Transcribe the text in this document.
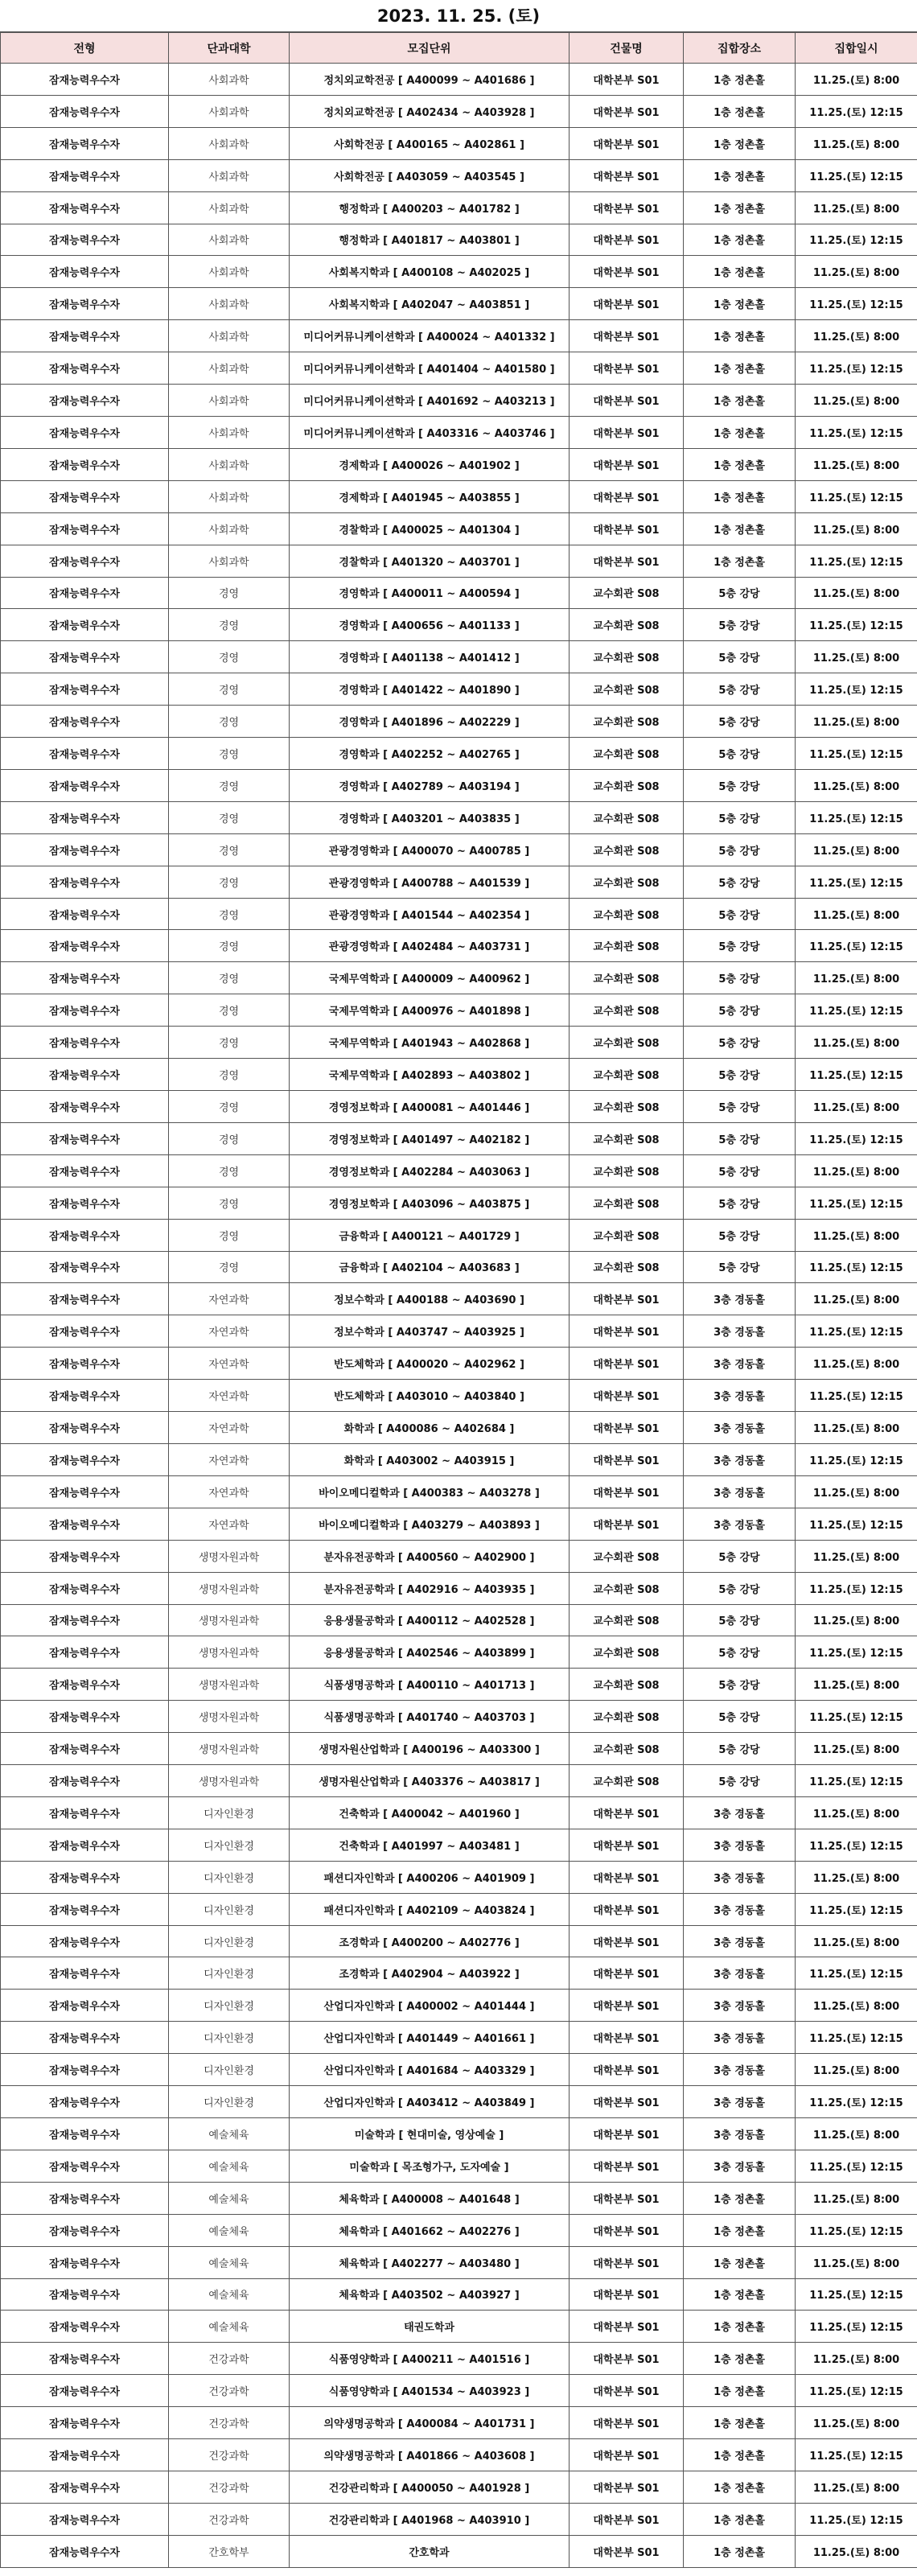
2023. 11. 25. (토)
전형	단과대학	모집단위	건물명	집합장소	집합일시
잠재능력우수자	사회과학	정치외교학전공 [ A400099 ~ A401686 ]	대학본부 S01	1층 정촌홀	11.25.(토) 8:00
잠재능력우수자	사회과학	정치외교학전공 [ A402434 ~ A403928 ]	대학본부 S01	1층 정촌홀	11.25.(토) 12:15
잠재능력우수자	사회과학	사회학전공 [ A400165 ~ A402861 ]	대학본부 S01	1층 정촌홀	11.25.(토) 8:00
잠재능력우수자	사회과학	사회학전공 [ A403059 ~ A403545 ]	대학본부 S01	1층 정촌홀	11.25.(토) 12:15
잠재능력우수자	사회과학	행정학과 [ A400203 ~ A401782 ]	대학본부 S01	1층 정촌홀	11.25.(토) 8:00
잠재능력우수자	사회과학	행정학과 [ A401817 ~ A403801 ]	대학본부 S01	1층 정촌홀	11.25.(토) 12:15
잠재능력우수자	사회과학	사회복지학과 [ A400108 ~ A402025 ]	대학본부 S01	1층 정촌홀	11.25.(토) 8:00
잠재능력우수자	사회과학	사회복지학과 [ A402047 ~ A403851 ]	대학본부 S01	1층 정촌홀	11.25.(토) 12:15
잠재능력우수자	사회과학	미디어커뮤니케이션학과 [ A400024 ~ A401332 ]	대학본부 S01	1층 정촌홀	11.25.(토) 8:00
잠재능력우수자	사회과학	미디어커뮤니케이션학과 [ A401404 ~ A401580 ]	대학본부 S01	1층 정촌홀	11.25.(토) 12:15
잠재능력우수자	사회과학	미디어커뮤니케이션학과 [ A401692 ~ A403213 ]	대학본부 S01	1층 정촌홀	11.25.(토) 8:00
잠재능력우수자	사회과학	미디어커뮤니케이션학과 [ A403316 ~ A403746 ]	대학본부 S01	1층 정촌홀	11.25.(토) 12:15
잠재능력우수자	사회과학	경제학과 [ A400026 ~ A401902 ]	대학본부 S01	1층 정촌홀	11.25.(토) 8:00
잠재능력우수자	사회과학	경제학과 [ A401945 ~ A403855 ]	대학본부 S01	1층 정촌홀	11.25.(토) 12:15
잠재능력우수자	사회과학	경찰학과 [ A400025 ~ A401304 ]	대학본부 S01	1층 정촌홀	11.25.(토) 8:00
잠재능력우수자	사회과학	경찰학과 [ A401320 ~ A403701 ]	대학본부 S01	1층 정촌홀	11.25.(토) 12:15
잠재능력우수자	경영	경영학과 [ A400011 ~ A400594 ]	교수회관 S08	5층 강당	11.25.(토) 8:00
잠재능력우수자	경영	경영학과 [ A400656 ~ A401133 ]	교수회관 S08	5층 강당	11.25.(토) 12:15
잠재능력우수자	경영	경영학과 [ A401138 ~ A401412 ]	교수회관 S08	5층 강당	11.25.(토) 8:00
잠재능력우수자	경영	경영학과 [ A401422 ~ A401890 ]	교수회관 S08	5층 강당	11.25.(토) 12:15
잠재능력우수자	경영	경영학과 [ A401896 ~ A402229 ]	교수회관 S08	5층 강당	11.25.(토) 8:00
잠재능력우수자	경영	경영학과 [ A402252 ~ A402765 ]	교수회관 S08	5층 강당	11.25.(토) 12:15
잠재능력우수자	경영	경영학과 [ A402789 ~ A403194 ]	교수회관 S08	5층 강당	11.25.(토) 8:00
잠재능력우수자	경영	경영학과 [ A403201 ~ A403835 ]	교수회관 S08	5층 강당	11.25.(토) 12:15
잠재능력우수자	경영	관광경영학과 [ A400070 ~ A400785 ]	교수회관 S08	5층 강당	11.25.(토) 8:00
잠재능력우수자	경영	관광경영학과 [ A400788 ~ A401539 ]	교수회관 S08	5층 강당	11.25.(토) 12:15
잠재능력우수자	경영	관광경영학과 [ A401544 ~ A402354 ]	교수회관 S08	5층 강당	11.25.(토) 8:00
잠재능력우수자	경영	관광경영학과 [ A402484 ~ A403731 ]	교수회관 S08	5층 강당	11.25.(토) 12:15
잠재능력우수자	경영	국제무역학과 [ A400009 ~ A400962 ]	교수회관 S08	5층 강당	11.25.(토) 8:00
잠재능력우수자	경영	국제무역학과 [ A400976 ~ A401898 ]	교수회관 S08	5층 강당	11.25.(토) 12:15
잠재능력우수자	경영	국제무역학과 [ A401943 ~ A402868 ]	교수회관 S08	5층 강당	11.25.(토) 8:00
잠재능력우수자	경영	국제무역학과 [ A402893 ~ A403802 ]	교수회관 S08	5층 강당	11.25.(토) 12:15
잠재능력우수자	경영	경영정보학과 [ A400081 ~ A401446 ]	교수회관 S08	5층 강당	11.25.(토) 8:00
잠재능력우수자	경영	경영정보학과 [ A401497 ~ A402182 ]	교수회관 S08	5층 강당	11.25.(토) 12:15
잠재능력우수자	경영	경영정보학과 [ A402284 ~ A403063 ]	교수회관 S08	5층 강당	11.25.(토) 8:00
잠재능력우수자	경영	경영정보학과 [ A403096 ~ A403875 ]	교수회관 S08	5층 강당	11.25.(토) 12:15
잠재능력우수자	경영	금융학과 [ A400121 ~ A401729 ]	교수회관 S08	5층 강당	11.25.(토) 8:00
잠재능력우수자	경영	금융학과 [ A402104 ~ A403683 ]	교수회관 S08	5층 강당	11.25.(토) 12:15
잠재능력우수자	자연과학	정보수학과 [ A400188 ~ A403690 ]	대학본부 S01	3층 경동홀	11.25.(토) 8:00
잠재능력우수자	자연과학	정보수학과 [ A403747 ~ A403925 ]	대학본부 S01	3층 경동홀	11.25.(토) 12:15
잠재능력우수자	자연과학	반도체학과 [ A400020 ~ A402962 ]	대학본부 S01	3층 경동홀	11.25.(토) 8:00
잠재능력우수자	자연과학	반도체학과 [ A403010 ~ A403840 ]	대학본부 S01	3층 경동홀	11.25.(토) 12:15
잠재능력우수자	자연과학	화학과 [ A400086 ~ A402684 ]	대학본부 S01	3층 경동홀	11.25.(토) 8:00
잠재능력우수자	자연과학	화학과 [ A403002 ~ A403915 ]	대학본부 S01	3층 경동홀	11.25.(토) 12:15
잠재능력우수자	자연과학	바이오메디컬학과 [ A400383 ~ A403278 ]	대학본부 S01	3층 경동홀	11.25.(토) 8:00
잠재능력우수자	자연과학	바이오메디컬학과 [ A403279 ~ A403893 ]	대학본부 S01	3층 경동홀	11.25.(토) 12:15
잠재능력우수자	생명자원과학	분자유전공학과 [ A400560 ~ A402900 ]	교수회관 S08	5층 강당	11.25.(토) 8:00
잠재능력우수자	생명자원과학	분자유전공학과 [ A402916 ~ A403935 ]	교수회관 S08	5층 강당	11.25.(토) 12:15
잠재능력우수자	생명자원과학	응용생물공학과 [ A400112 ~ A402528 ]	교수회관 S08	5층 강당	11.25.(토) 8:00
잠재능력우수자	생명자원과학	응용생물공학과 [ A402546 ~ A403899 ]	교수회관 S08	5층 강당	11.25.(토) 12:15
잠재능력우수자	생명자원과학	식품생명공학과 [ A400110 ~ A401713 ]	교수회관 S08	5층 강당	11.25.(토) 8:00
잠재능력우수자	생명자원과학	식품생명공학과 [ A401740 ~ A403703 ]	교수회관 S08	5층 강당	11.25.(토) 12:15
잠재능력우수자	생명자원과학	생명자원산업학과 [ A400196 ~ A403300 ]	교수회관 S08	5층 강당	11.25.(토) 8:00
잠재능력우수자	생명자원과학	생명자원산업학과 [ A403376 ~ A403817 ]	교수회관 S08	5층 강당	11.25.(토) 12:15
잠재능력우수자	디자인환경	건축학과 [ A400042 ~ A401960 ]	대학본부 S01	3층 경동홀	11.25.(토) 8:00
잠재능력우수자	디자인환경	건축학과 [ A401997 ~ A403481 ]	대학본부 S01	3층 경동홀	11.25.(토) 12:15
잠재능력우수자	디자인환경	패션디자인학과 [ A400206 ~ A401909 ]	대학본부 S01	3층 경동홀	11.25.(토) 8:00
잠재능력우수자	디자인환경	패션디자인학과 [ A402109 ~ A403824 ]	대학본부 S01	3층 경동홀	11.25.(토) 12:15
잠재능력우수자	디자인환경	조경학과 [ A400200 ~ A402776 ]	대학본부 S01	3층 경동홀	11.25.(토) 8:00
잠재능력우수자	디자인환경	조경학과 [ A402904 ~ A403922 ]	대학본부 S01	3층 경동홀	11.25.(토) 12:15
잠재능력우수자	디자인환경	산업디자인학과 [ A400002 ~ A401444 ]	대학본부 S01	3층 경동홀	11.25.(토) 8:00
잠재능력우수자	디자인환경	산업디자인학과 [ A401449 ~ A401661 ]	대학본부 S01	3층 경동홀	11.25.(토) 12:15
잠재능력우수자	디자인환경	산업디자인학과 [ A401684 ~ A403329 ]	대학본부 S01	3층 경동홀	11.25.(토) 8:00
잠재능력우수자	디자인환경	산업디자인학과 [ A403412 ~ A403849 ]	대학본부 S01	3층 경동홀	11.25.(토) 12:15
잠재능력우수자	예술체육	미술학과 [ 현대미술, 영상예술 ]	대학본부 S01	3층 경동홀	11.25.(토) 8:00
잠재능력우수자	예술체육	미술학과 [ 목조형가구, 도자예술 ]	대학본부 S01	3층 경동홀	11.25.(토) 12:15
잠재능력우수자	예술체육	체육학과 [ A400008 ~ A401648 ]	대학본부 S01	1층 정촌홀	11.25.(토) 8:00
잠재능력우수자	예술체육	체육학과 [ A401662 ~ A402276 ]	대학본부 S01	1층 정촌홀	11.25.(토) 12:15
잠재능력우수자	예술체육	체육학과 [ A402277 ~ A403480 ]	대학본부 S01	1층 정촌홀	11.25.(토) 8:00
잠재능력우수자	예술체육	체육학과 [ A403502 ~ A403927 ]	대학본부 S01	1층 정촌홀	11.25.(토) 12:15
잠재능력우수자	예술체육	태권도학과	대학본부 S01	1층 정촌홀	11.25.(토) 12:15
잠재능력우수자	건강과학	식품영양학과 [ A400211 ~ A401516 ]	대학본부 S01	1층 정촌홀	11.25.(토) 8:00
잠재능력우수자	건강과학	식품영양학과 [ A401534 ~ A403923 ]	대학본부 S01	1층 정촌홀	11.25.(토) 12:15
잠재능력우수자	건강과학	의약생명공학과 [ A400084 ~ A401731 ]	대학본부 S01	1층 정촌홀	11.25.(토) 8:00
잠재능력우수자	건강과학	의약생명공학과 [ A401866 ~ A403608 ]	대학본부 S01	1층 정촌홀	11.25.(토) 12:15
잠재능력우수자	건강과학	건강관리학과 [ A400050 ~ A401928 ]	대학본부 S01	1층 정촌홀	11.25.(토) 8:00
잠재능력우수자	건강과학	건강관리학과 [ A401968 ~ A403910 ]	대학본부 S01	1층 정촌홀	11.25.(토) 12:15
잠재능력우수자	간호학부	간호학과	대학본부 S01	1층 정촌홀	11.25.(토) 8:00
